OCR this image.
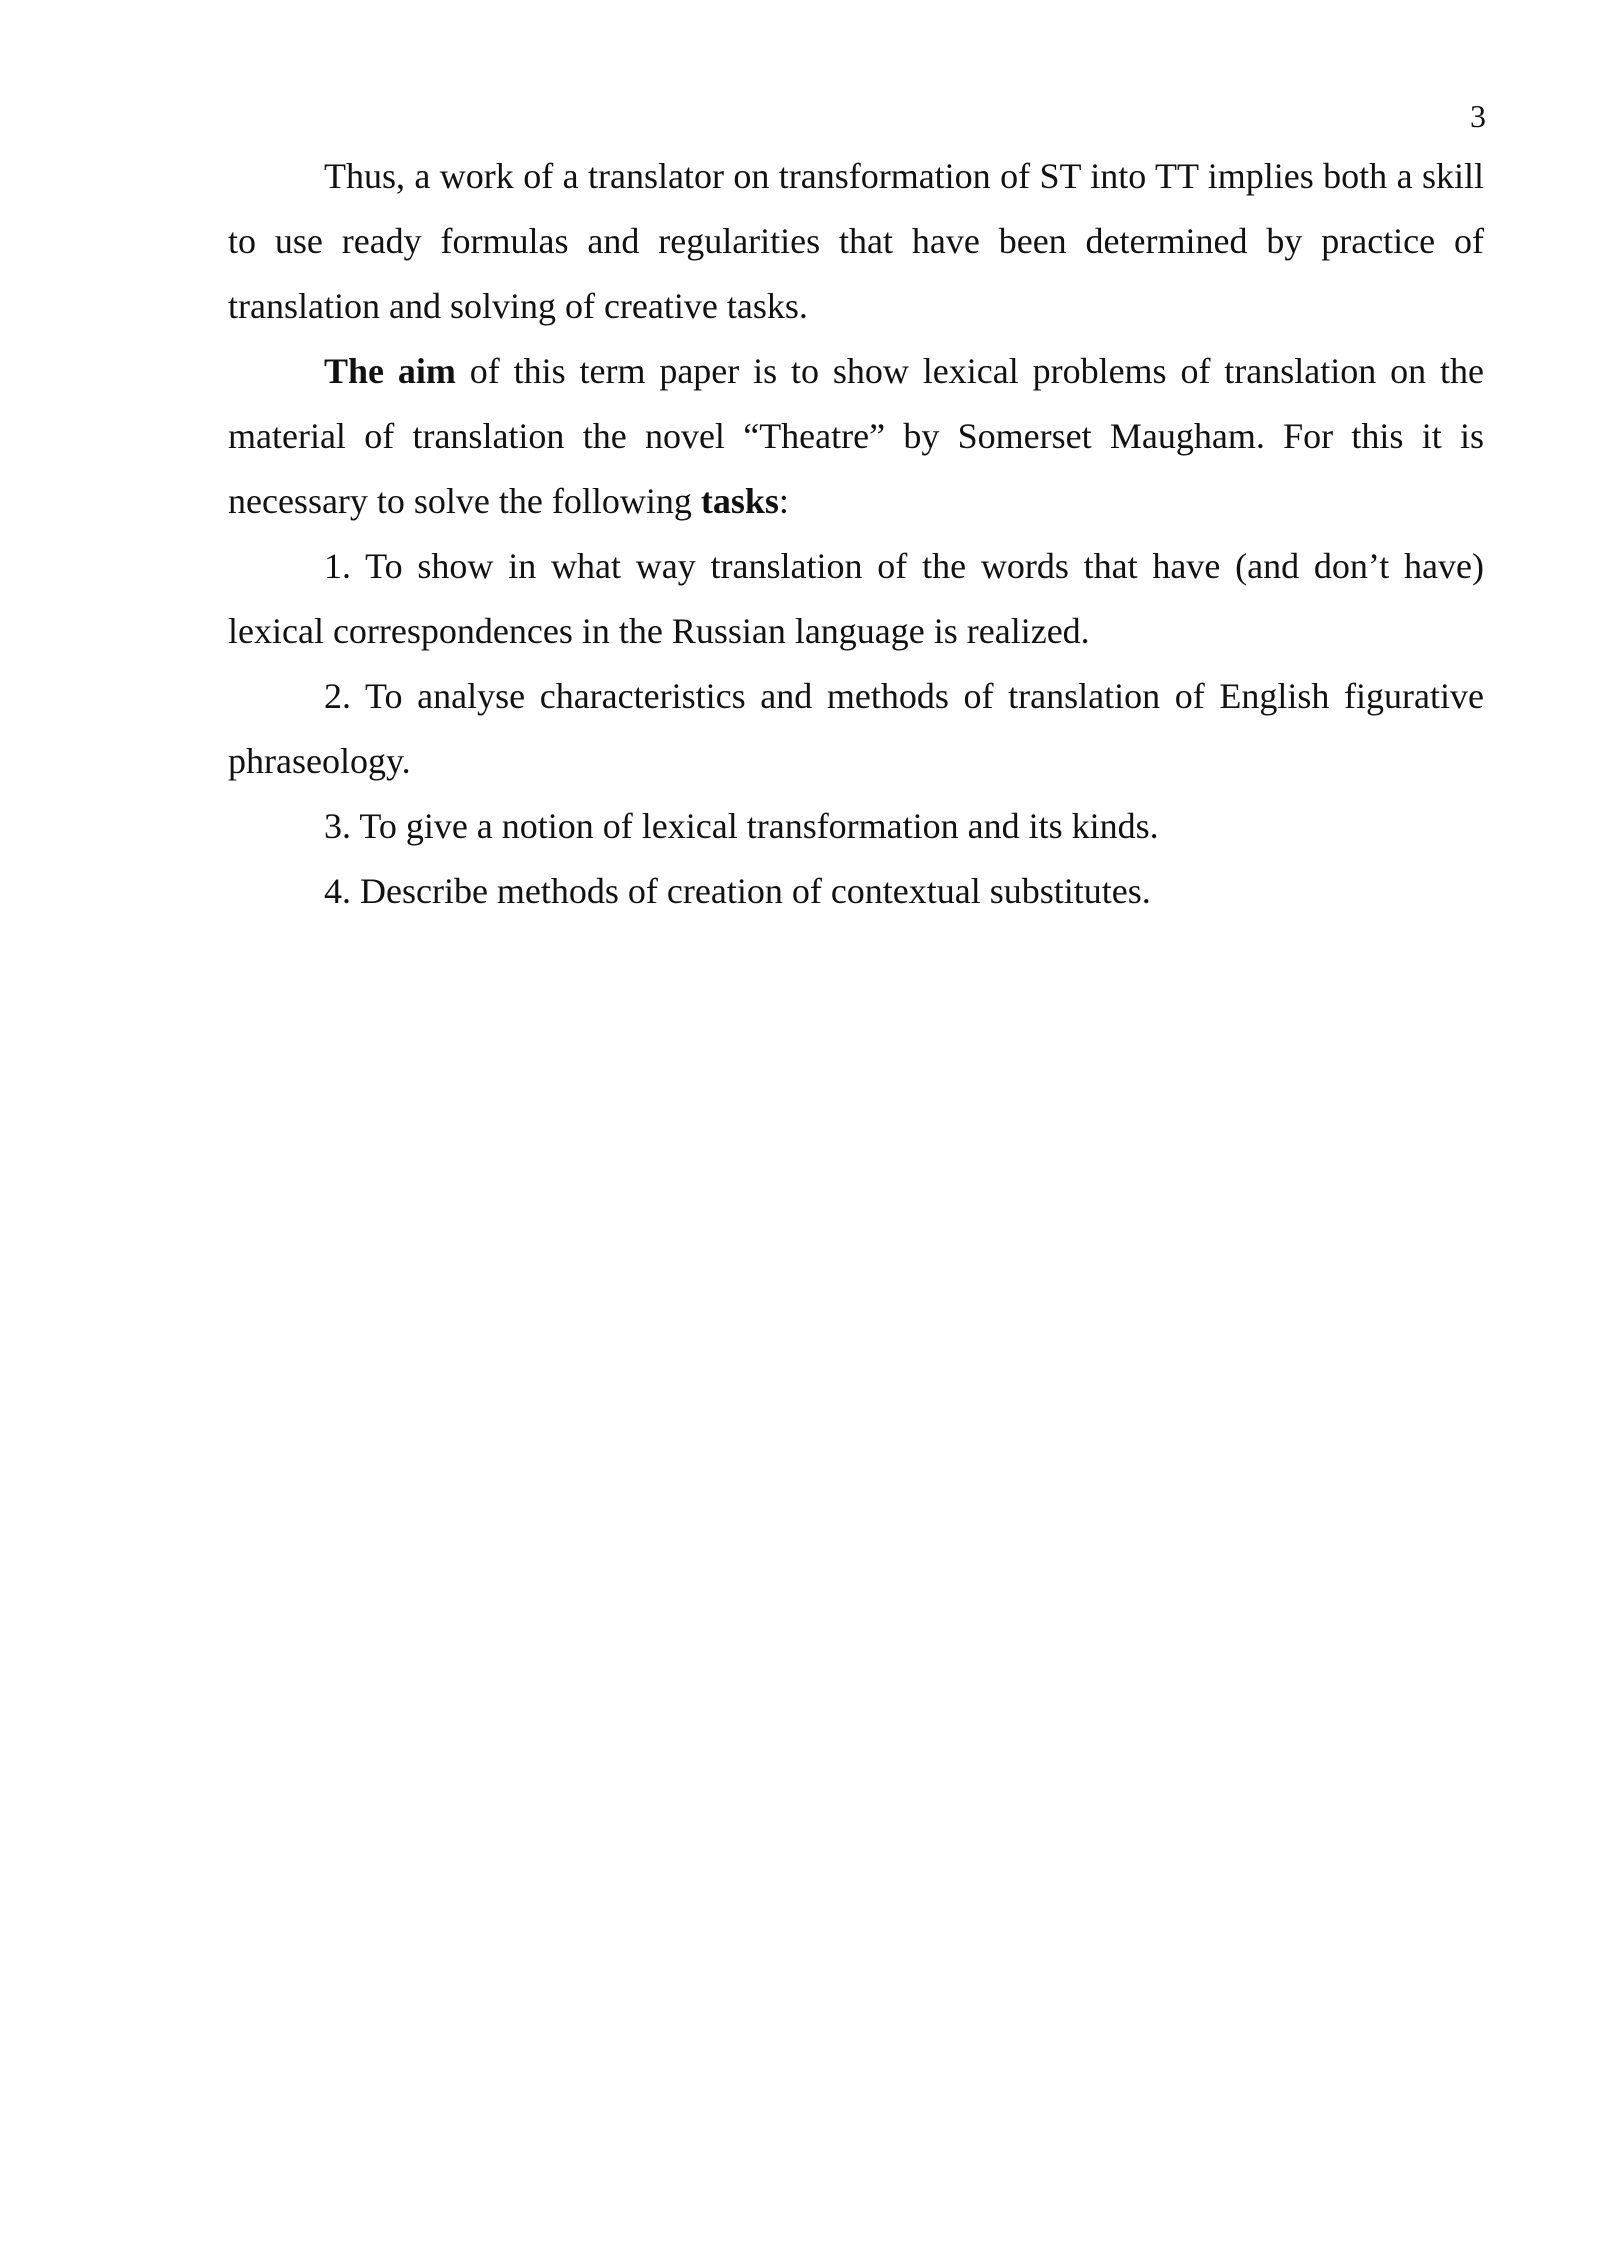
3

Thus, a work of a translator on transformation of ST into TT implies both a skill to use ready formulas and regularities that have been determined by practice of translation and solving of creative tasks.

The aim of this term paper is to show lexical problems of translation on the material of translation the novel “Theatre” by Somerset Maugham. For this it is necessary to solve the following tasks:

1. To show in what way translation of the words that have (and don’t have) lexical correspondences in the Russian language is realized.

2. To analyse characteristics and methods of translation of English figurative phraseology.

3. To give a notion of lexical transformation and its kinds.

4. Describe methods of creation of contextual substitutes.
